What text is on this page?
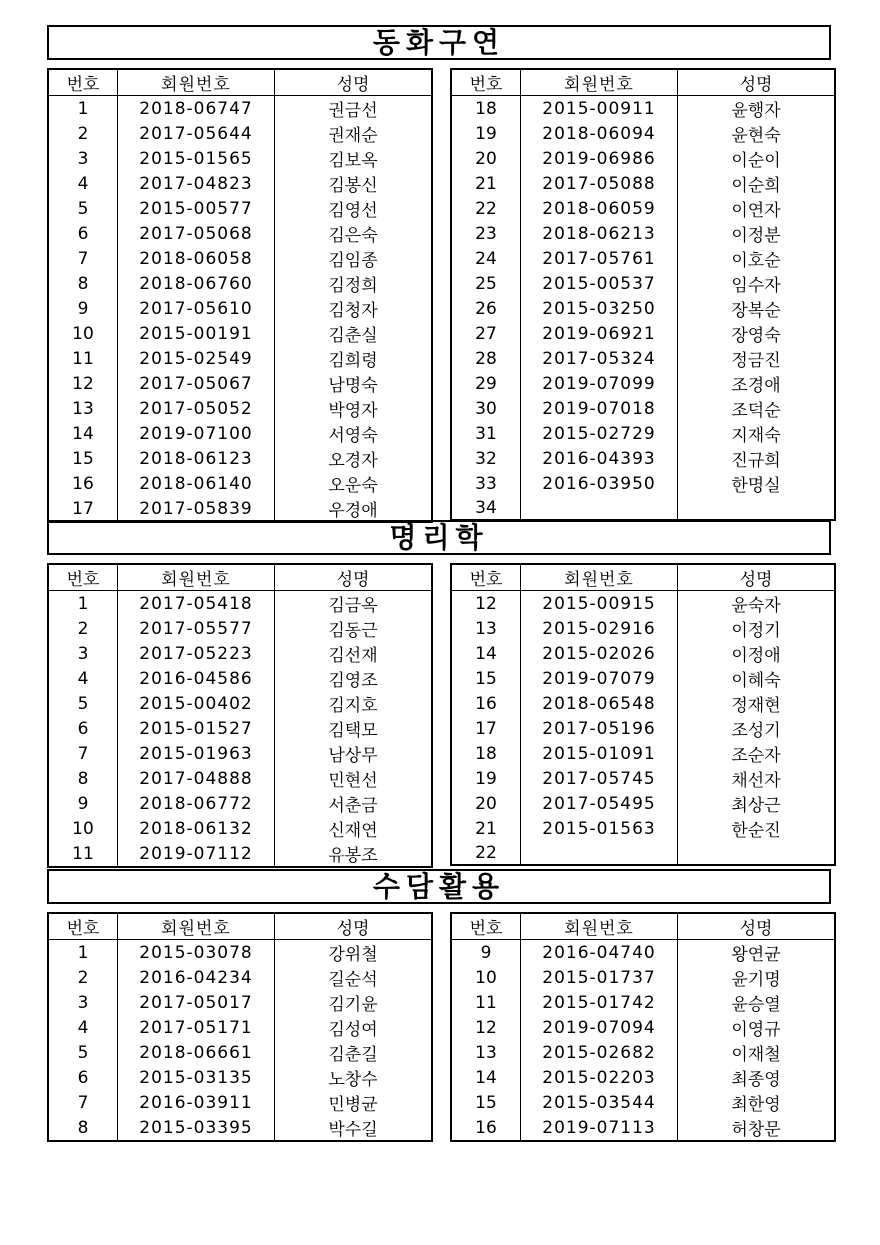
동화구연
번호	회원번호	성명
1	2018-06747	권금선
2	2017-05644	권재순
3	2015-01565	김보옥
4	2017-04823	김봉신
5	2015-00577	김영선
6	2017-05068	김은숙
7	2018-06058	김임종
8	2018-06760	김정희
9	2017-05610	김청자
10	2015-00191	김춘실
11	2015-02549	김희령
12	2017-05067	남명숙
13	2017-05052	박영자
14	2019-07100	서영숙
15	2018-06123	오경자
16	2018-06140	오운숙
17	2017-05839	우경애
번호	회원번호	성명
18	2015-00911	윤행자
19	2018-06094	윤현숙
20	2019-06986	이순이
21	2017-05088	이순희
22	2018-06059	이연자
23	2018-06213	이정분
24	2017-05761	이호순
25	2015-00537	임수자
26	2015-03250	장복순
27	2019-06921	장영숙
28	2017-05324	정금진
29	2019-07099	조경애
30	2019-07018	조덕순
31	2015-02729	지재숙
32	2016-04393	진규희
33	2016-03950	한명실
34		
명리학
번호	회원번호	성명
1	2017-05418	김금옥
2	2017-05577	김동근
3	2017-05223	김선재
4	2016-04586	김영조
5	2015-00402	김지호
6	2015-01527	김택모
7	2015-01963	남상무
8	2017-04888	민현선
9	2018-06772	서춘금
10	2018-06132	신재연
11	2019-07112	유봉조
번호	회원번호	성명
12	2015-00915	윤숙자
13	2015-02916	이정기
14	2015-02026	이정애
15	2019-07079	이혜숙
16	2018-06548	정재현
17	2017-05196	조성기
18	2015-01091	조순자
19	2017-05745	채선자
20	2017-05495	최상근
21	2015-01563	한순진
22		
수담활용
번호	회원번호	성명
1	2015-03078	강위철
2	2016-04234	길순석
3	2017-05017	김기윤
4	2017-05171	김성여
5	2018-06661	김춘길
6	2015-03135	노창수
7	2016-03911	민병균
8	2015-03395	박수길
번호	회원번호	성명
9	2016-04740	왕연균
10	2015-01737	윤기명
11	2015-01742	윤승열
12	2019-07094	이영규
13	2015-02682	이재철
14	2015-02203	최종영
15	2015-03544	최한영
16	2019-07113	허창문
